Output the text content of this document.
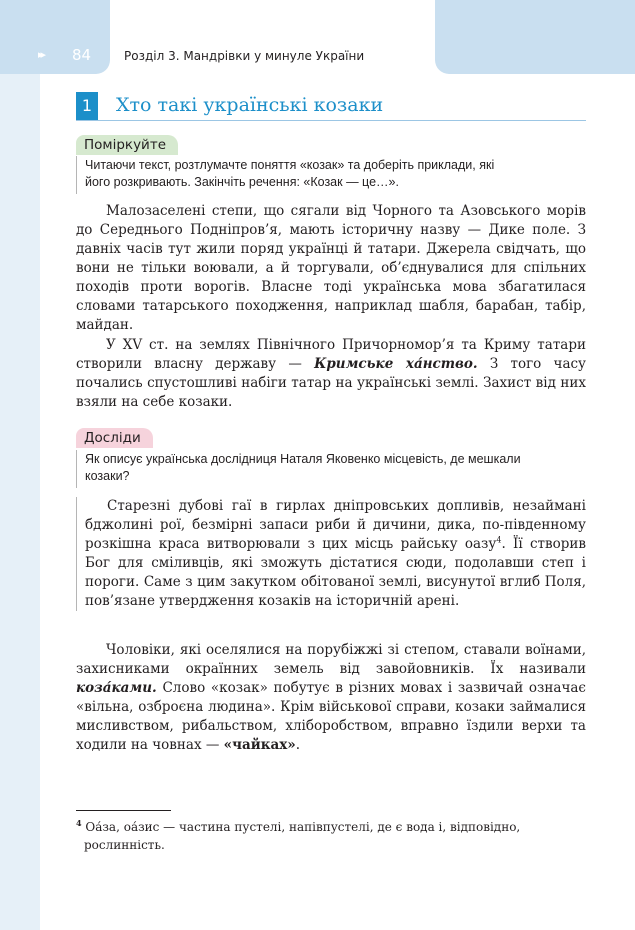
▸▸ 84	Розділ 3. Мандрівки у минуле України
1	Хто такі українські козаки
Поміркуйте
Читаючи текст, розтлумачте поняття «козак» та доберіть приклади, які
його розкривають. Закінчіть речення: «Козак — це…».

Малозаселені степи, що сягали від Чорного та Азовського морів до Середнього Подніпров’я, мають історичну назву — Дике поле. З давніх часів тут жили поряд українці й татари. Джерела свідчать, що вони не тільки воювали, а й торгували, об’єднувалися для спільних походів проти ворогів. Власне тоді українська мова збагатилася словами татарського походження, наприклад шабля, барабан, табір, майдан.

У XV ст. на землях Північного Причорномор’я та Криму татари створили власну державу — Кримське ха́нство. З того часу почались спустошливі набіги татар на українські землі. Захист від них взяли на себе козаки.

Досліди
Як описує українська дослідниця Наталя Яковенко місцевість, де мешкали
козаки?

Старезні дубові гаї в гирлах дніпровських допливів, незаймані бджолині рої, безмірні запаси риби й дичини, дика, по-південному розкішна краса витворювали з цих місць райську оазу$^4$. Її створив Бог для сміливців, які зможуть дістатися сюди, подолавши степ і пороги. Саме з цим закутком обітованої землі, висунутої вглиб Поля, пов’язане утвердження козаків на історичній арені.

Чоловіки, які оселялися на порубіжжі зі степом, ставали воїнами, захисниками окраїнних земель від завойовників. Їх називали коза́ками. Слово «козак» побутує в різних мовах і зазвичай означає «вільна, озброєна людина». Крім військової справи, козаки займалися мисливством, рибальством, хліборобством, вправно їздили верхи та ходили на човнах — «чайках».

$^4$ Оа́за, оа́зис — частина пустелі, напівпустелі, де є вода і, відповідно,
рослинність.
